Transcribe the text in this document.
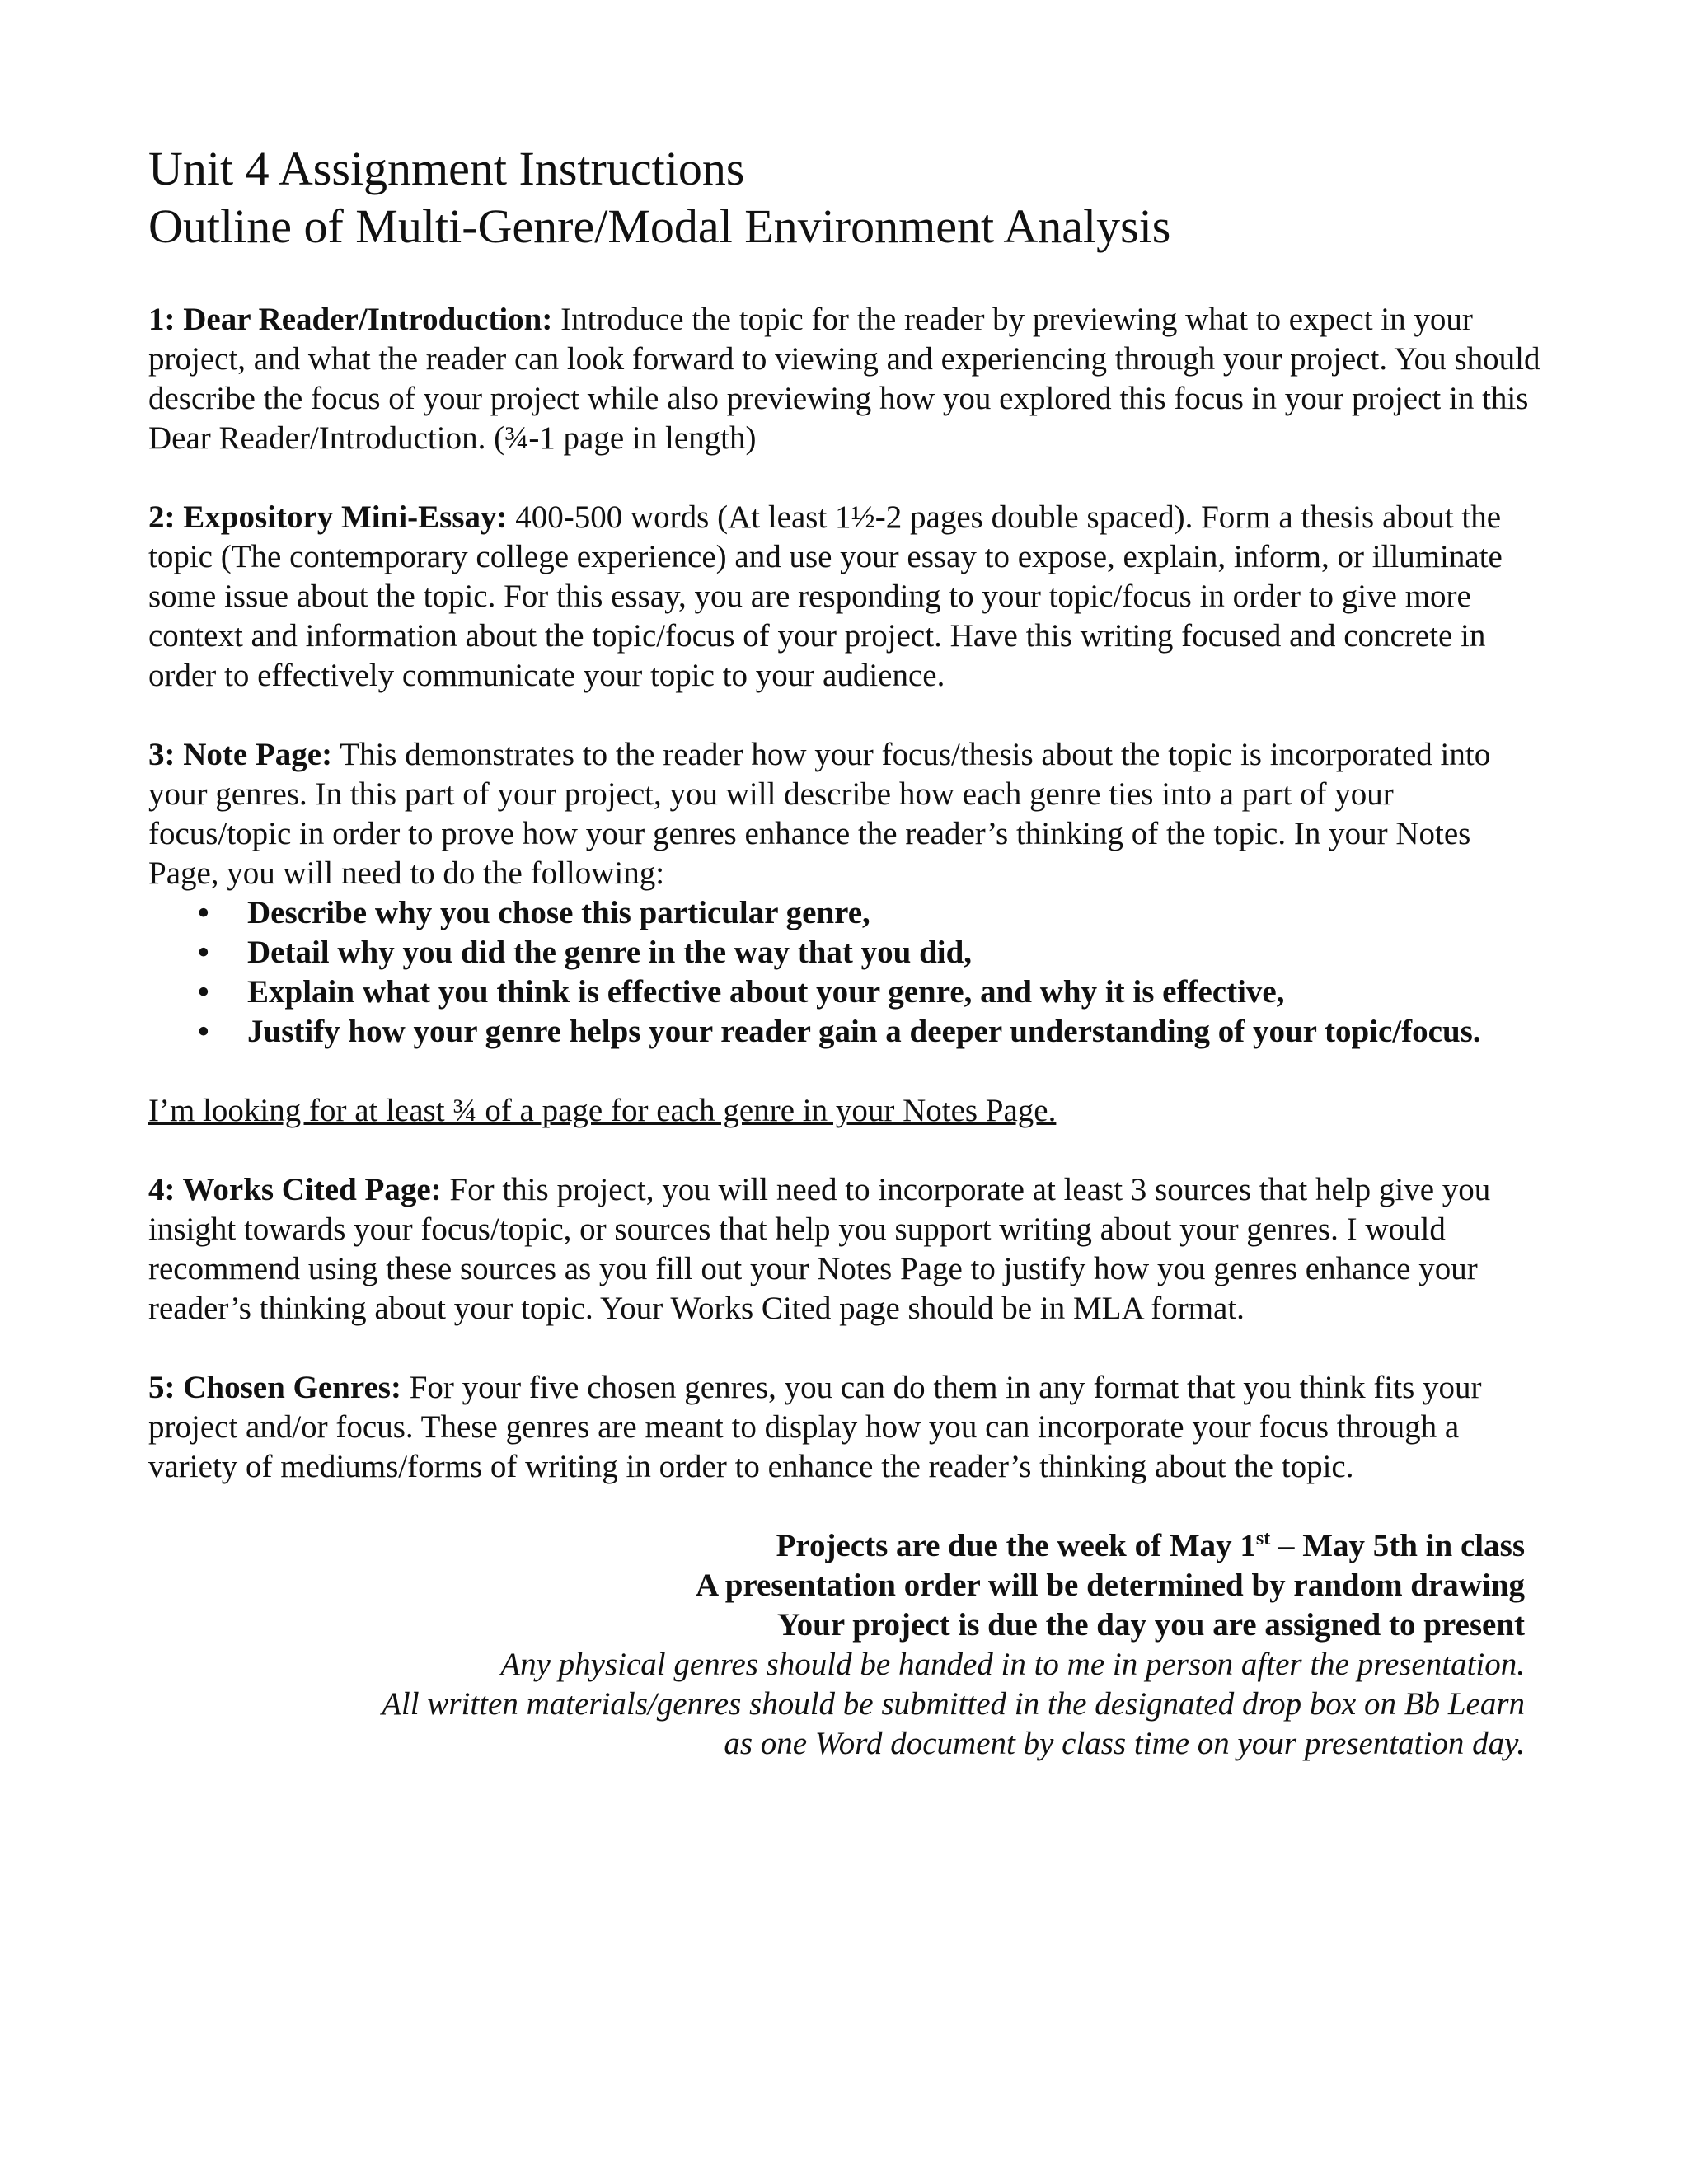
Unit 4 Assignment Instructions
Outline of Multi-Genre/Modal Environment Analysis

1: Dear Reader/Introduction: Introduce the topic for the reader by previewing what to expect in your project, and what the reader can look forward to viewing and experiencing through your project. You should describe the focus of your project while also previewing how you explored this focus in your project in this Dear Reader/Introduction. (¾-1 page in length)

2: Expository Mini-Essay: 400-500 words (At least 1½-2 pages double spaced). Form a thesis about the topic (The contemporary college experience) and use your essay to expose, explain, inform, or illuminate some issue about the topic. For this essay, you are responding to your topic/focus in order to give more context and information about the topic/focus of your project. Have this writing focused and concrete in order to effectively communicate your topic to your audience.

3: Note Page: This demonstrates to the reader how your focus/thesis about the topic is incorporated into your genres. In this part of your project, you will describe how each genre ties into a part of your focus/topic in order to prove how your genres enhance the reader’s thinking of the topic. In your Notes Page, you will need to do the following:

• Describe why you chose this particular genre,
• Detail why you did the genre in the way that you did,
• Explain what you think is effective about your genre, and why it is effective,
• Justify how your genre helps your reader gain a deeper understanding of your topic/focus.

I’m looking for at least ¾ of a page for each genre in your Notes Page.

4: Works Cited Page: For this project, you will need to incorporate at least 3 sources that help give you insight towards your focus/topic, or sources that help you support writing about your genres. I would recommend using these sources as you fill out your Notes Page to justify how you genres enhance your reader’s thinking about your topic. Your Works Cited page should be in MLA format.

5: Chosen Genres: For your five chosen genres, you can do them in any format that you think fits your project and/or focus. These genres are meant to display how you can incorporate your focus through a variety of mediums/forms of writing in order to enhance the reader’s thinking about the topic.

Projects are due the week of May 1st – May 5th in class
A presentation order will be determined by random drawing
Your project is due the day you are assigned to present
Any physical genres should be handed in to me in person after the presentation.
All written materials/genres should be submitted in the designated drop box on Bb Learn
as one Word document by class time on your presentation day.
